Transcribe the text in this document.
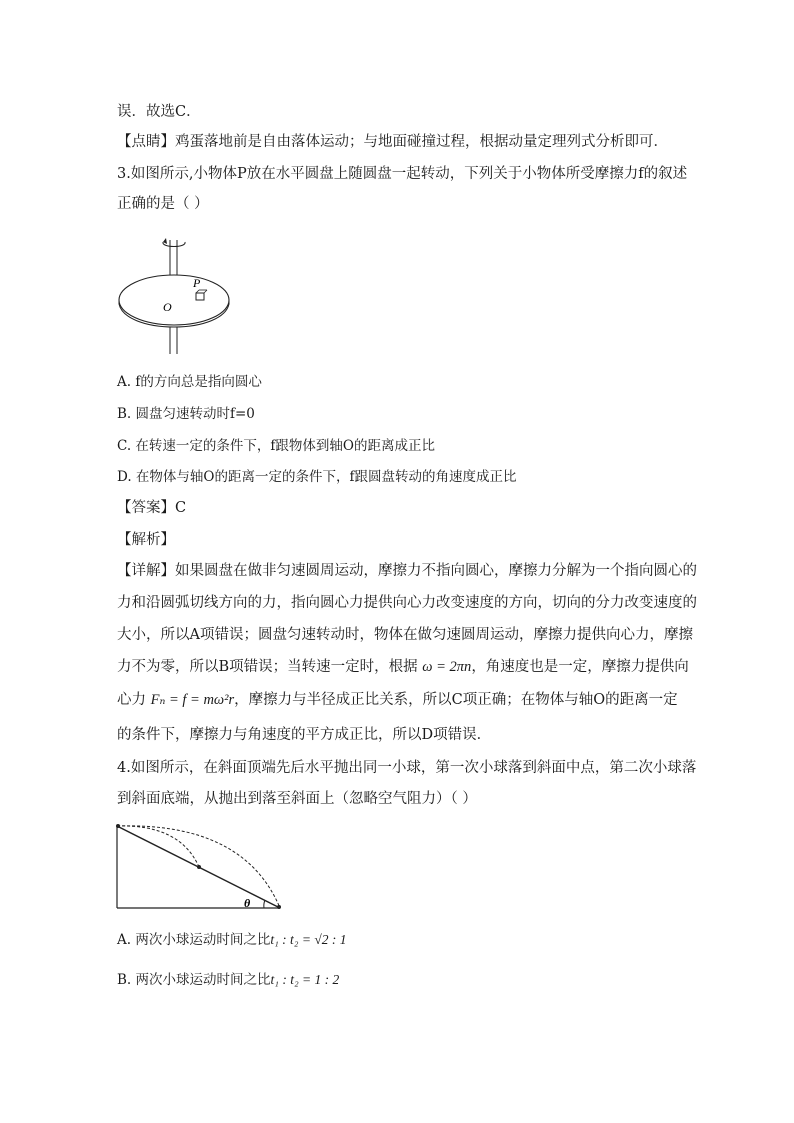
误．故选C．
【点睛】鸡蛋落地前是自由落体运动；与地面碰撞过程，根据动量定理列式分析即可．
3.如图所示,小物体P放在水平圆盘上随圆盘一起转动，下列关于小物体所受摩擦力f的叙述
正确的是（ ）
P
O
A. f的方向总是指向圆心
B. 圆盘匀速转动时f=0
C. 在转速一定的条件下，f跟物体到轴O的距离成正比
D. 在物体与轴O的距离一定的条件下，f跟圆盘转动的角速度成正比
【答案】C
【解析】
【详解】如果圆盘在做非匀速圆周运动，摩擦力不指向圆心，摩擦力分解为一个指向圆心的
力和沿圆弧切线方向的力，指向圆心力提供向心力改变速度的方向，切向的分力改变速度的
大小，所以A项错误；圆盘匀速转动时，物体在做匀速圆周运动，摩擦力提供向心力，摩擦
力不为零，所以B项错误；当转速一定时，根据 ω = 2πn，角速度也是一定，摩擦力提供向
心力 Fₙ = f = mω²r，摩擦力与半径成正比关系，所以C项正确；在物体与轴O的距离一定
的条件下，摩擦力与角速度的平方成正比，所以D项错误．
4.如图所示，在斜面顶端先后水平抛出同一小球，第一次小球落到斜面中点，第二次小球落
到斜面底端，从抛出到落至斜面上（忽略空气阻力）（ ）
θ
A. 两次小球运动时间之比t₁ : t₂ = √2 : 1
B. 两次小球运动时间之比t₁ : t₂ = 1 : 2
